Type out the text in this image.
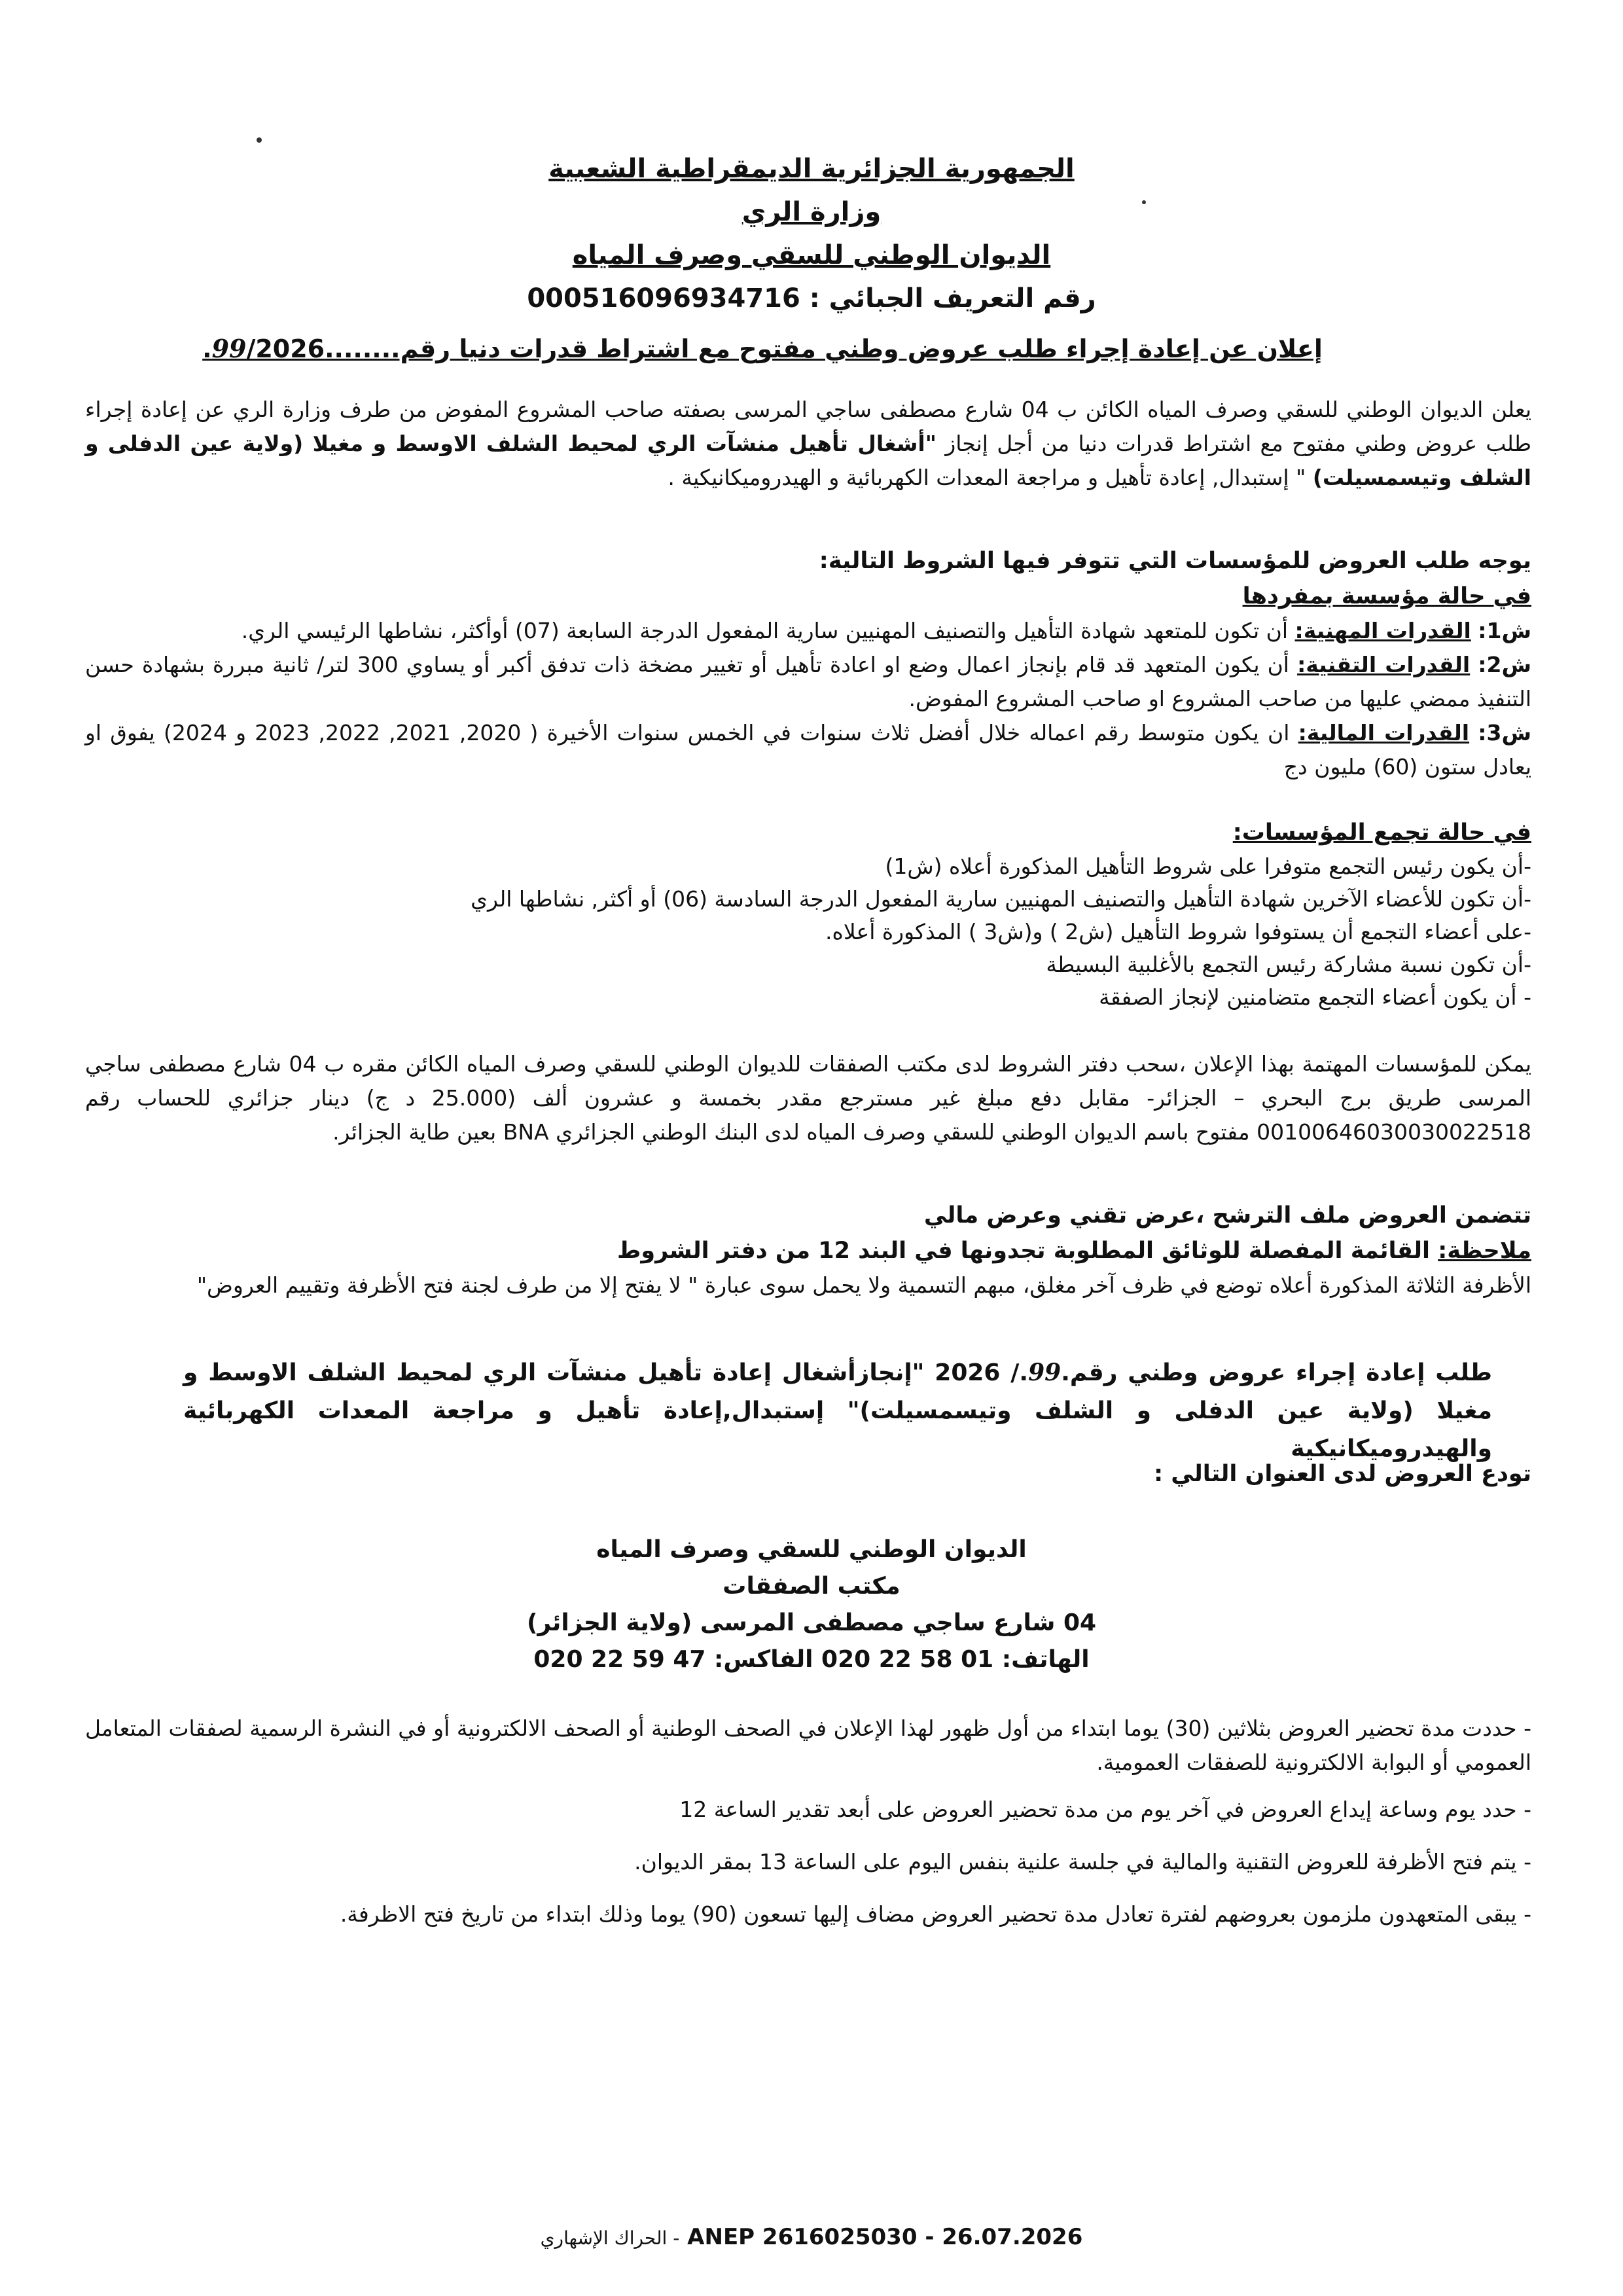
الجمهورية الجزائرية الديمقراطية الشعبية
وزارة الري
الديوان الوطني للسقي وصرف المياه
رقم التعريف الجبائي : 000516096934716
إعلان عن إعادة إجراء طلب عروض وطني مفتوح مع اشتراط قدرات دنيا رقم........99/2026.
يعلن الديوان الوطني للسقي وصرف المياه الكائن ب 04 شارع مصطفى ساجي المرسى بصفته صاحب المشروع المفوض من طرف وزارة الري عن إعادة إجراء طلب عروض وطني مفتوح مع اشتراط قدرات دنيا من أجل إنجاز "أشغال تأهيل منشآت الري لمحيط الشلف الاوسط و مغيلا (ولاية عين الدفلى و الشلف وتيسمسيلت) " إستبدال, إعادة تأهيل و مراجعة المعدات الكهربائية و الهيدروميكانيكية .
يوجه طلب العروض للمؤسسات التي تتوفر فيها الشروط التالية:
في حالة مؤسسة بمفردها
ش1: القدرات المهنية: أن تكون للمتعهد شهادة التأهيل والتصنيف المهنيين سارية المفعول الدرجة السابعة (07) أوأكثر، نشاطها الرئيسي الري.
ش2: القدرات التقنية: أن يكون المتعهد قد قام بإنجاز اعمال وضع او اعادة تأهيل أو تغيير مضخة ذات تدفق أكبر أو يساوي 300 لتر/ ثانية مبررة بشهادة حسن التنفيذ ممضي عليها من صاحب المشروع او صاحب المشروع المفوض.
ش3: القدرات المالية: ان يكون متوسط رقم اعماله خلال أفضل ثلاث سنوات في الخمس سنوات الأخيرة ( 2020, 2021, 2022, 2023 و 2024) يفوق او يعادل ستون (60) مليون دج
في حالة تجمع المؤسسات:
-أن يكون رئيس التجمع متوفرا على شروط التأهيل المذكورة أعلاه (ش1)
-أن تكون للأعضاء الآخرين شهادة التأهيل والتصنيف المهنيين سارية المفعول الدرجة السادسة (06) أو أكثر, نشاطها الري
-على أعضاء التجمع أن يستوفوا شروط التأهيل (ش2 ) و(ش3 ) المذكورة أعلاه.
-أن تكون نسبة مشاركة رئيس التجمع بالأغلبية البسيطة
- أن يكون أعضاء التجمع متضامنين لإنجاز الصفقة
يمكن للمؤسسات المهتمة بهذا الإعلان ،سحب دفتر الشروط لدى مكتب الصفقات للديوان الوطني للسقي وصرف المياه الكائن مقره ب 04 شارع مصطفى ساجي المرسى طريق برج البحري – الجزائر- مقابل دفع مبلغ غير مسترجع مقدر بخمسة و عشرون ألف (25.000 د ج) دينار جزائري للحساب رقم 00100646030030022518 مفتوح باسم الديوان الوطني للسقي وصرف المياه لدى البنك الوطني الجزائري BNA بعين طاية الجزائر.
تتضمن العروض ملف الترشح ،عرض تقني وعرض مالي
ملاحظة: القائمة المفصلة للوثائق المطلوبة تجدونها في البند 12 من دفتر الشروط
الأظرفة الثلاثة المذكورة أعلاه توضع في ظرف آخر مغلق، مبهم التسمية ولا يحمل سوى عبارة " لا يفتح إلا من طرف لجنة فتح الأظرفة وتقييم العروض"
طلب إعادة إجراء عروض وطني رقم.99./ 2026 "إنجازأشغال إعادة تأهيل منشآت الري لمحيط الشلف الاوسط و مغيلا (ولاية عين الدفلى و الشلف وتيسمسيلت)" إستبدال,إعادة تأهيل و مراجعة المعدات الكهربائية والهيدروميكانيكية
تودع العروض لدى العنوان التالي :
الديوان الوطني للسقي وصرف المياه
مكتب الصفقات
04 شارع ساجي مصطفى المرسى (ولاية الجزائر)
الهاتف: 01 58 22 020 الفاكس: 47 59 22 020
- حددت مدة تحضير العروض بثلاثين (30) يوما ابتداء من أول ظهور لهذا الإعلان في الصحف الوطنية أو الصحف الالكترونية أو في النشرة الرسمية لصفقات المتعامل العمومي أو البوابة الالكترونية للصفقات العمومية.
- حدد يوم وساعة إيداع العروض في آخر يوم من مدة تحضير العروض على أبعد تقدير الساعة 12
- يتم فتح الأظرفة للعروض التقنية والمالية في جلسة علنية بنفس اليوم على الساعة 13 بمقر الديوان.
- يبقى المتعهدون ملزمون بعروضهم لفترة تعادل مدة تحضير العروض مضاف إليها تسعون (90) يوما وذلك ابتداء من تاريخ فتح الاظرفة.
الحراك الإشهاري - ANEP 2616025030 - 26.07.2026
